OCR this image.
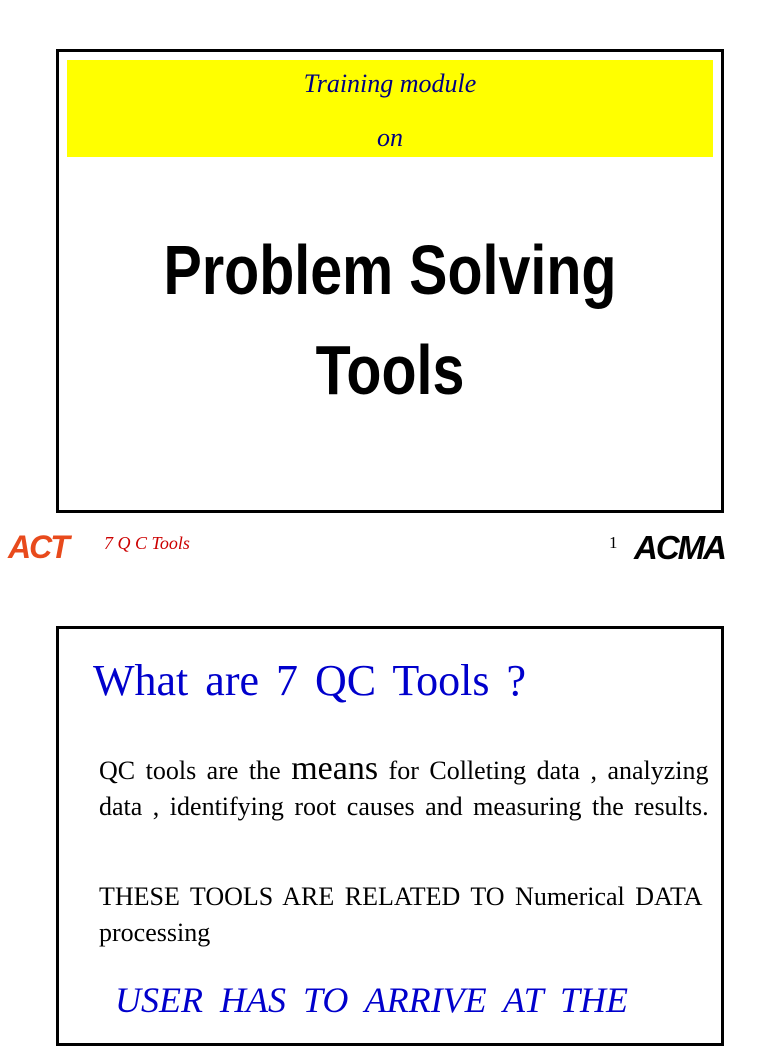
Training module
on
Problem Solving
Tools
ACT 7 Q C Tools	1 ACMA
What are 7 QC Tools ?
QC tools are the means for Colleting data , analyzing data , identifying root causes and measuring the results.
THESE TOOLS ARE RELATED TO Numerical DATA processing
USER HAS TO ARRIVE AT THE
